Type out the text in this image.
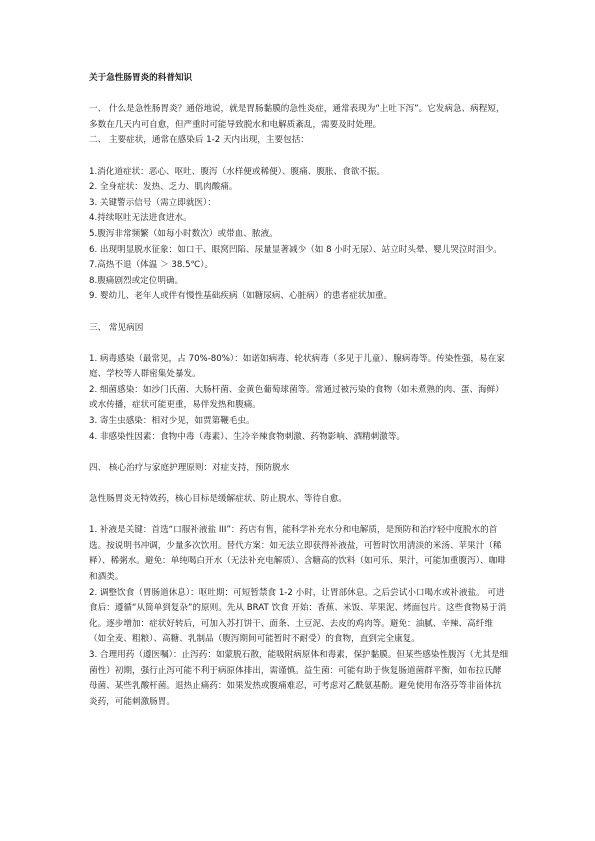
关于急性肠胃炎的科普知识

一、 什么是急性肠胃炎？通俗地说，就是胃肠黏膜的急性炎症，通常表现为“上吐下泻”。它发病急、病程短，多数在几天内可自愈，但严重时可能导致脱水和电解质紊乱，需要及时处理。

二、 主要症状，通常在感染后 1-2 天内出现，主要包括：

1.消化道症状：恶心、呕吐、腹泻（水样便或稀便）、腹痛、腹胀、食欲不振。

2. 全身症状：发热、乏力、肌肉酸痛。

3. 关键警示信号（需立即就医）：

4.持续呕吐无法进食进水。

5.腹泻非常频繁（如每小时数次）或带血、脓液。

6. 出现明显脱水征象：如口干、眼窝凹陷、尿量显著减少（如 8 小时无尿）、站立时头晕、婴儿哭泣时泪少。

7.高热不退（体温 ＞ 38.5℃）。

8.腹痛剧烈或定位明确。

9. 婴幼儿、老年人或伴有慢性基础疾病（如糖尿病、心脏病）的患者症状加重。

三、 常见病因

1. 病毒感染（最常见，占 70%-80%）：如诺如病毒、轮状病毒（多见于儿童）、腺病毒等。传染性强，易在家庭、学校等人群密集处暴发。

2. 细菌感染：如沙门氏菌、大肠杆菌、金黄色葡萄球菌等。常通过被污染的食物（如未煮熟的肉、蛋、海鲜）或水传播，症状可能更重，易伴发热和腹痛。

3. 寄生虫感染：相对少见，如贾第鞭毛虫。

4. 非感染性因素：食物中毒（毒素）、生冷辛辣食物刺激、药物影响、酒精刺激等。

四、 核心治疗与家庭护理原则：对症支持，预防脱水

急性肠胃炎无特效药，核心目标是缓解症状、防止脱水、等待自愈。

1. 补液是关键：首选“口服补液盐 III”：药店有售，能科学补充水分和电解质，是预防和治疗轻中度脱水的首选。按说明书冲调，少量多次饮用。替代方案：如无法立即获得补液盐，可暂时饮用清淡的米汤、苹果汁（稀释）、稀粥水。避免：单纯喝白开水（无法补充电解质）、含糖高的饮料（如可乐、果汁，可能加重腹泻）、咖啡和酒类。

2. 调整饮食（胃肠道休息）：呕吐期：可短暂禁食 1-2 小时，让胃部休息。之后尝试小口喝水或补液盐。 可进食后：遵循“从简单到复杂”的原则。先从 BRAT 饮食 开始：香蕉、米饭、苹果泥、烤面包片。这些食物易于消化。逐步增加：症状好转后，可加入苏打饼干、面条、土豆泥、去皮的鸡肉等。避免：油腻、辛辣、高纤维（如全麦、粗粮）、高糖、乳制品（腹泻期间可能暂时不耐受）的食物，直到完全康复。

3. 合理用药（遵医嘱）：止泻药：如蒙脱石散，能吸附病原体和毒素，保护黏膜。但某些感染性腹泻（尤其是细菌性）初期，强行止泻可能不利于病原体排出，需谨慎。益生菌：可能有助于恢复肠道菌群平衡，如布拉氏酵母菌、某些乳酸杆菌。退热止痛药：如果发热或腹痛难忍，可考虑对乙酰氨基酚。避免使用布洛芬等非甾体抗炎药，可能刺激肠胃。
